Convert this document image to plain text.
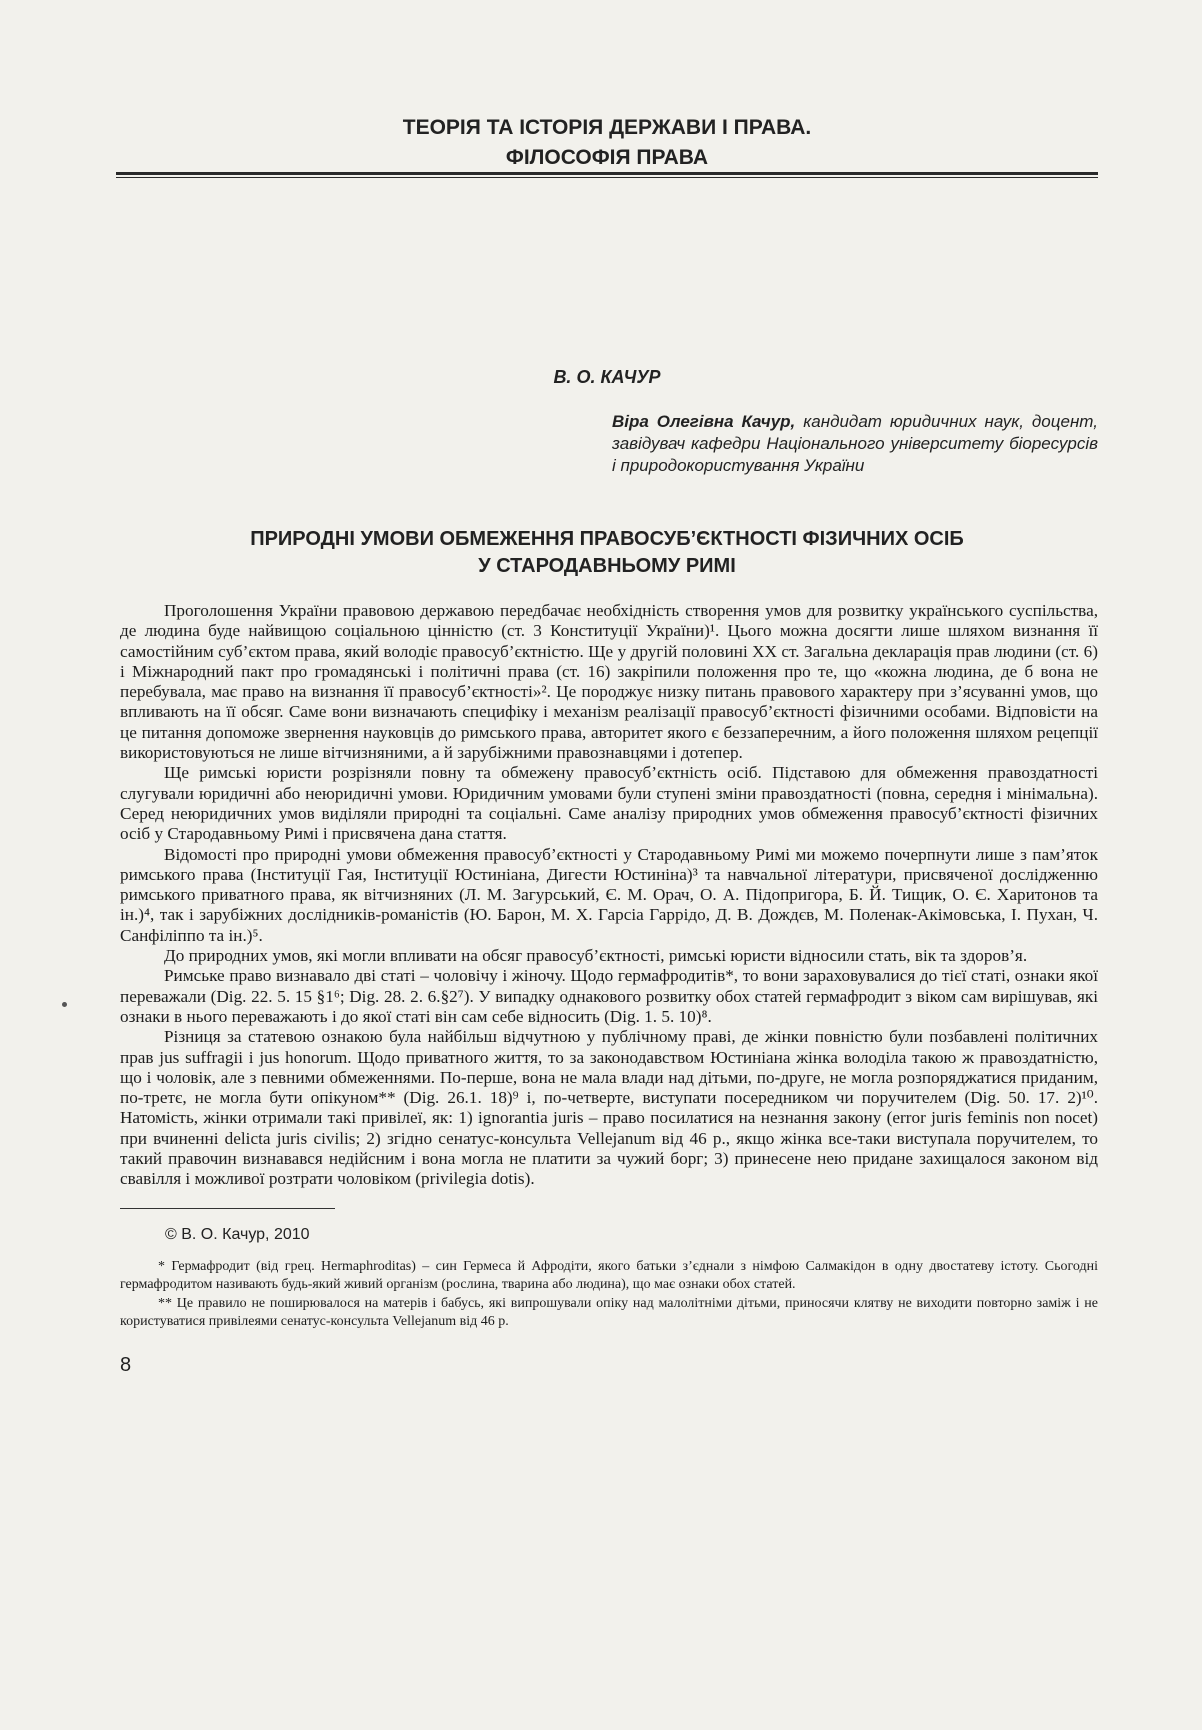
ТЕОРІЯ ТА ІСТОРІЯ ДЕРЖАВИ І ПРАВА.
ФІЛОСОФІЯ ПРАВА
В. О. КАЧУР
Віра Олегівна Качур, кандидат юридичних наук, доцент, завідувач кафедри Національного університету біоресурсів і природокористування України
ПРИРОДНІ УМОВИ ОБМЕЖЕННЯ ПРАВОСУБ’ЄКТНОСТІ ФІЗИЧНИХ ОСІБ
У СТАРОДАВНЬОМУ РИМІ

Проголошення України правовою державою передбачає необхідність створення умов для розвитку українського суспільства, де людина буде найвищою соціальною цінністю (ст. 3 Конституції України)¹. Цього можна досягти лише шляхом визнання її самостійним суб’єктом права, який володіє правосуб’єктністю. Ще у другій половині XX ст. Загальна декларація прав людини (ст. 6) і Міжнародний пакт про громадянські і політичні права (ст. 16) закріпили положення про те, що «кожна людина, де б вона не перебувала, має право на визнання її правосуб’єктності»². Це породжує низку питань правового характеру при з’ясуванні умов, що впливають на її обсяг. Саме вони визначають специфіку і механізм реалізації правосуб’єктності фізичними особами. Відповісти на це питання допоможе звернення науковців до римського права, авторитет якого є беззаперечним, а його положення шляхом рецепції використовуються не лише вітчизняними, а й зарубіжними правознавцями і дотепер.

Ще римські юристи розрізняли повну та обмежену правосуб’єктність осіб. Підставою для обмеження правоздатності слугували юридичні або неюридичні умови. Юридичним умовами були ступені зміни правоздатності (повна, середня і мінімальна). Серед неюридичних умов виділяли природні та соціальні. Саме аналізу природних умов обмеження правосуб’єктності фізичних осіб у Стародавньому Римі і присвячена дана стаття.

Відомості про природні умови обмеження правосуб’єктності у Стародавньому Римі ми можемо почерпнути лише з пам’яток римського права (Інституції Гая, Інституції Юстиніана, Дигести Юстиніна)³ та навчальної літератури, присвяченої дослідженню римського приватного права, як вітчизняних (Л. М. Загурський, Є. М. Орач, О. А. Підопригора, Б. Й. Тищик, О. Є. Харитонов та ін.)⁴, так і зарубіжних дослідників-романістів (Ю. Барон, М. Х. Гарсіа Гаррідо, Д. В. Дождєв, М. Поленак-Акімовська, І. Пухан, Ч. Санфіліппо та ін.)⁵.

До природних умов, які могли впливати на обсяг правосуб’єктності, римські юристи відносили стать, вік та здоров’я.

Римське право визнавало дві статі – чоловічу і жіночу. Щодо гермафродитів*, то вони зараховувалися до тієї статі, ознаки якої переважали (Dig. 22. 5. 15 §1⁶; Dig. 28. 2. 6.§2⁷). У випадку однакового розвитку обох статей гермафродит з віком сам вирішував, які ознаки в нього переважають і до якої статі він сам себе відносить (Dig. 1. 5. 10)⁸.

Різниця за статевою ознакою була найбільш відчутною у публічному праві, де жінки повністю були позбавлені політичних прав jus suffragii і jus honorum. Щодо приватного життя, то за законодавством Юстиніана жінка володіла такою ж правоздатністю, що і чоловік, але з певними обмеженнями. По-перше, вона не мала влади над дітьми, по-друге, не могла розпоряджатися приданим, по-третє, не могла бути опікуном** (Dig. 26.1. 18)⁹ і, по-четверте, виступати посередником чи поручителем (Dig. 50. 17. 2)¹⁰. Натомість, жінки отримали такі привілеї, як: 1) ignorantia juris – право посилатися на незнання закону (error juris feminis non nocet) при вчиненні delicta juris civilis; 2) згідно сенатус-консульта Vellejanum від 46 р., якщо жінка все-таки виступала поручителем, то такий правочин визнавався недійсним і вона могла не платити за чужий борг; 3) принесене нею придане захищалося законом від свавілля і можливої розтрати чоловіком (privilegia dotis).

© В. О. Качур, 2010

* Гермафродит (від грец. Hermaphroditas) – син Гермеса й Афродіти, якого батьки з’єднали з німфою Салмакідон в одну двостатеву істоту. Сьогодні гермафродитом називають будь-який живий організм (рослина, тварина або людина), що має ознаки обох статей.

** Це правило не поширювалося на матерів і бабусь, які випрошували опіку над малолітніми дітьми, приносячи клятву не виходити повторно заміж і не користуватися привілеями сенатус-консульта Vellejanum від 46 р.

8
